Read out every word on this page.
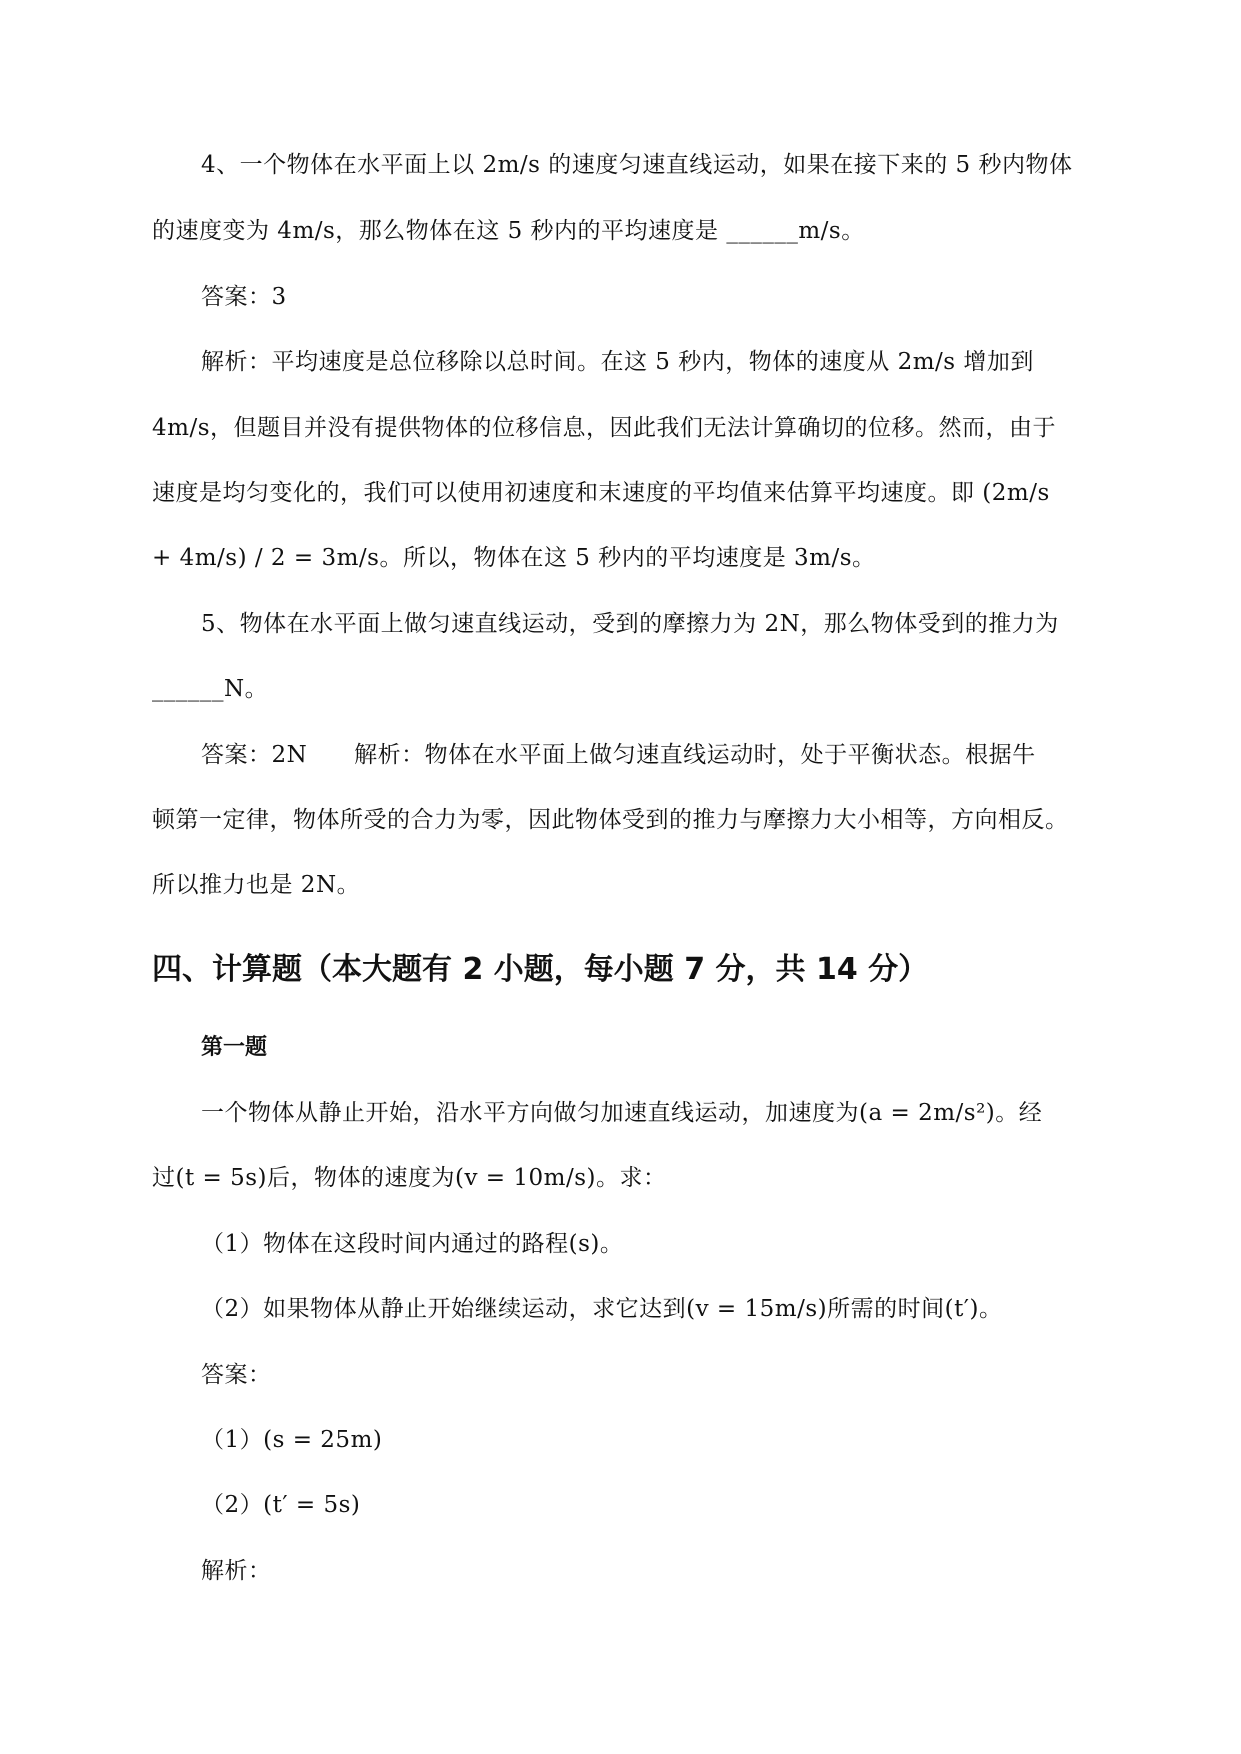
4、一个物体在水平面上以 2m/s 的速度匀速直线运动，如果在接下来的 5 秒内物体
的速度变为 4m/s，那么物体在这 5 秒内的平均速度是 ______m/s。
答案：3
解析：平均速度是总位移除以总时间。在这 5 秒内，物体的速度从 2m/s 增加到
4m/s，但题目并没有提供物体的位移信息，因此我们无法计算确切的位移。然而，由于
速度是均匀变化的，我们可以使用初速度和末速度的平均值来估算平均速度。即 (2m/s
+ 4m/s) / 2 = 3m/s。所以，物体在这 5 秒内的平均速度是 3m/s。
5、物体在水平面上做匀速直线运动，受到的摩擦力为 2N，那么物体受到的推力为
______N。
答案：2N      解析：物体在水平面上做匀速直线运动时，处于平衡状态。根据牛
顿第一定律，物体所受的合力为零，因此物体受到的推力与摩擦力大小相等，方向相反。
所以推力也是 2N。
四、计算题（本大题有 2 小题，每小题 7 分，共 14 分）
第一题
一个物体从静止开始，沿水平方向做匀加速直线运动，加速度为(a = 2m/s²)。经
过(t = 5s)后，物体的速度为(v = 10m/s)。求：
（1）物体在这段时间内通过的路程(s)。
（2）如果物体从静止开始继续运动，求它达到(v = 15m/s)所需的时间(t′)。
答案：
（1）(s = 25m)
（2）(t′ = 5s)
解析：
